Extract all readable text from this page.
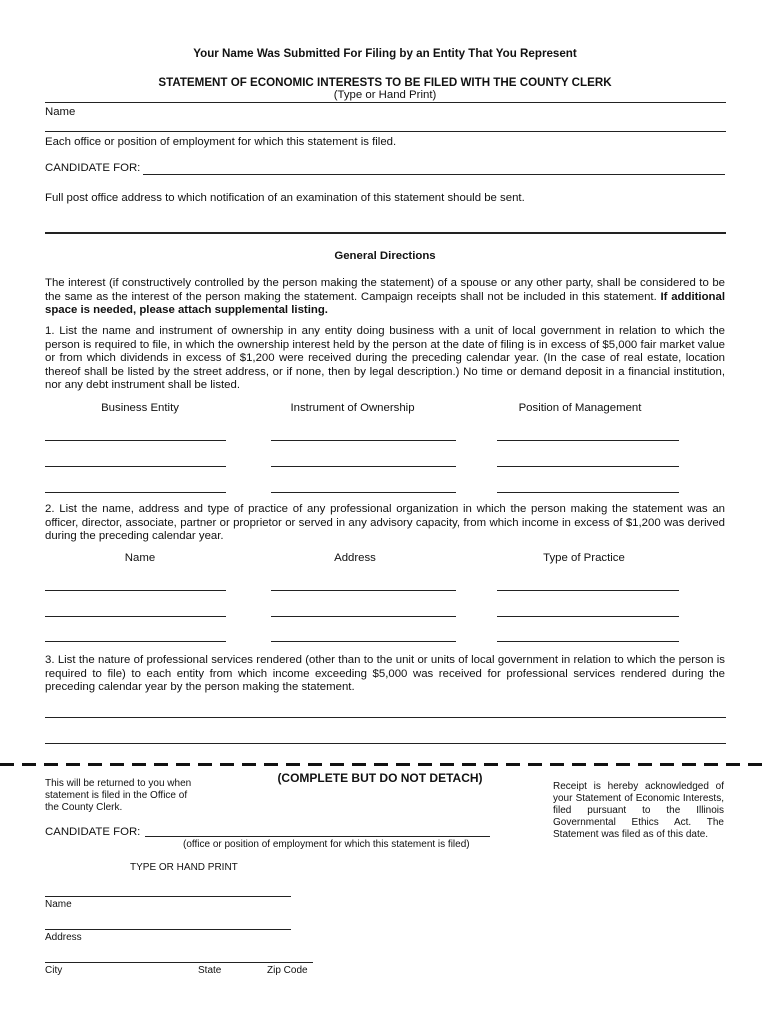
Your Name Was Submitted For Filing by an Entity That You Represent
STATEMENT OF ECONOMIC INTERESTS TO BE FILED WITH THE COUNTY CLERK
(Type or Hand Print)
Name
Each office or position of employment for which this statement is filed.
CANDIDATE FOR:
Full post office address to which notification of an examination of this statement should be sent.
General Directions
The interest (if constructively controlled by the person making the statement) of a spouse or any other party, shall be considered to be the same as the interest of the person making the statement. Campaign receipts shall not be included in this statement. If additional space is needed, please attach supplemental listing.
1. List the name and instrument of ownership in any entity doing business with a unit of local government in relation to which the person is required to file, in which the ownership interest held by the person at the date of filing is in excess of $5,000 fair market value or from which dividends in excess of $1,200 were received during the preceding calendar year. (In the case of real estate, location thereof shall be listed by the street address, or if none, then by legal description.) No time or demand deposit in a financial institution, nor any debt instrument shall be listed.
Business Entity	Instrument of Ownership	Position of Management
2. List the name, address and type of practice of any professional organization in which the person making the statement was an officer, director, associate, partner or proprietor or served in any advisory capacity, from which income in excess of $1,200 was derived during the preceding calendar year.
Name	Address	Type of Practice
3. List the nature of professional services rendered (other than to the unit or units of local government in relation to which the person is required to file) to each entity from which income exceeding $5,000 was received for professional services rendered during the preceding calendar year by the person making the statement.
(COMPLETE BUT DO NOT DETACH)
This will be returned to you when statement is filed in the Office of the County Clerk.
Receipt is hereby acknowledged of your Statement of Economic Interests, filed pursuant to the Illinois Governmental Ethics Act. The Statement was filed as of this date.
CANDIDATE FOR:
(office or position of employment for which this statement is filed)
TYPE OR HAND PRINT
Name
Address
City	State	Zip Code
